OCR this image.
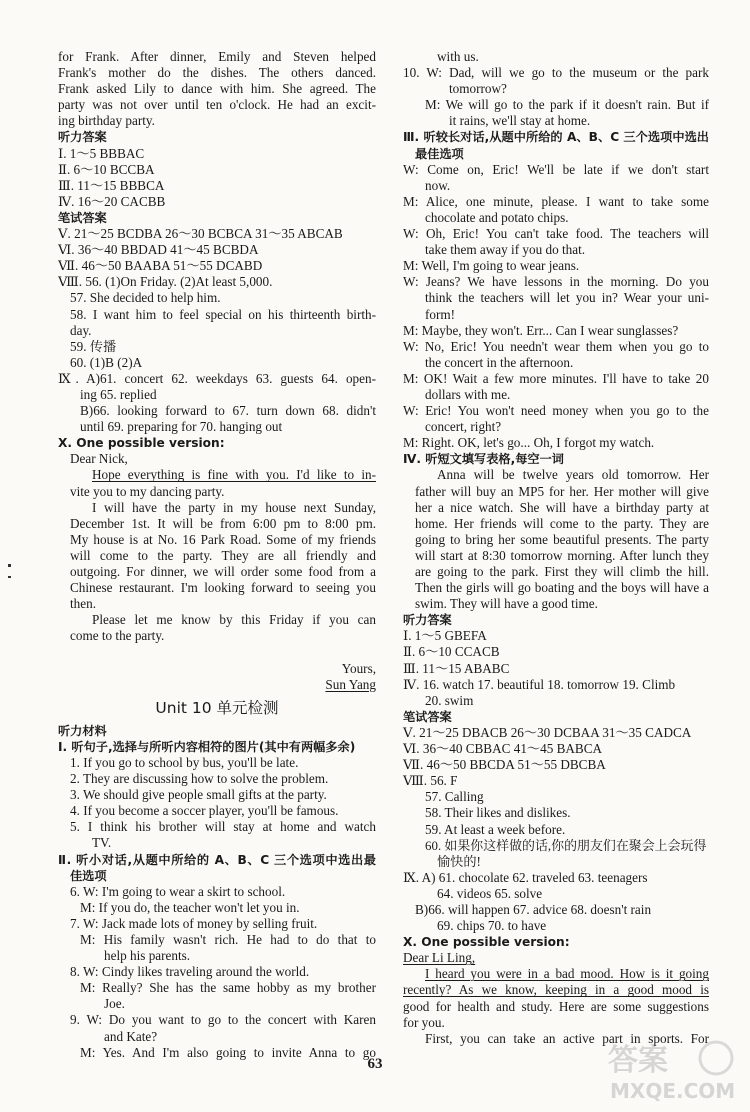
for Frank. After dinner, Emily and Steven helped
Frank's mother do the dishes. The others danced.
Frank asked Lily to dance with him. She agreed. The
party was not over until ten o'clock. He had an excit-
ing birthday party.
听力答案
Ⅰ. 1～5 BBBAC
Ⅱ. 6～10 BCCBA
Ⅲ. 11～15 BBBCA
Ⅳ. 16～20 CACBB
笔试答案
Ⅴ. 21～25 BCDBA 26～30 BCBCA 31～35 ABCAB
Ⅵ. 36～40 BBDAD 41～45 BCBDA
Ⅶ. 46～50 BAABA 51～55 DCABD
Ⅷ. 56. (1)On Friday. (2)At least 5,000.
57. She decided to help him.
58. I want him to feel special on his thirteenth birth-
day.
59. 传播
60. (1)B (2)A
Ⅸ. A)61. concert 62. weekdays 63. guests 64. open-
ing 65. replied
B)66. looking forward to 67. turn down 68. didn't
until 69. preparing for 70. hanging out
Ⅹ. One possible version:
Dear Nick,
Hope everything is fine with you. I'd like to in-
vite you to my dancing party.
I will have the party in my house next Sunday,
December 1st. It will be from 6:00 pm to 8:00 pm.
My house is at No. 16 Park Road. Some of my friends
will come to the party. They are all friendly and
outgoing. For dinner, we will order some food from a
Chinese restaurant. I'm looking forward to seeing you
then.
Please let me know by this Friday if you can
come to the party.
Yours,
Sun Yang
Unit 10 单元检测
听力材料
Ⅰ. 听句子,选择与所听内容相符的图片(其中有两幅多余)
1. If you go to school by bus, you'll be late.
2. They are discussing how to solve the problem.
3. We should give people small gifts at the party.
4. If you become a soccer player, you'll be famous.
5. I think his brother will stay at home and watch
TV.
Ⅱ. 听小对话,从题中所给的 A、B、C 三个选项中选出最
佳选项
6. W: I'm going to wear a skirt to school.
M: If you do, the teacher won't let you in.
7. W: Jack made lots of money by selling fruit.
M: His family wasn't rich. He had to do that to
help his parents.
8. W: Cindy likes traveling around the world.
M: Really? She has the same hobby as my brother
Joe.
9. W: Do you want to go to the concert with Karen
and Kate?
M: Yes. And I'm also going to invite Anna to go
with us.
10. W: Dad, will we go to the museum or the park
tomorrow?
M: We will go to the park if it doesn't rain. But if
it rains, we'll stay at home.
Ⅲ. 听较长对话,从题中所给的 A、B、C 三个选项中选出
最佳选项
W: Come on, Eric! We'll be late if we don't start
now.
M: Alice, one minute, please. I want to take some
chocolate and potato chips.
W: Oh, Eric! You can't take food. The teachers will
take them away if you do that.
M: Well, I'm going to wear jeans.
W: Jeans? We have lessons in the morning. Do you
think the teachers will let you in? Wear your uni-
form!
M: Maybe, they won't. Err... Can I wear sunglasses?
W: No, Eric! You needn't wear them when you go to
the concert in the afternoon.
M: OK! Wait a few more minutes. I'll have to take 20
dollars with me.
W: Eric! You won't need money when you go to the
concert, right?
M: Right. OK, let's go... Oh, I forgot my watch.
Ⅳ. 听短文填写表格,每空一词
Anna will be twelve years old tomorrow. Her
father will buy an MP5 for her. Her mother will give
her a nice watch. She will have a birthday party at
home. Her friends will come to the party. They are
going to bring her some beautiful presents. The party
will start at 8:30 tomorrow morning. After lunch they
are going to the park. First they will climb the hill.
Then the girls will go boating and the boys will have a
swim. They will have a good time.
听力答案
Ⅰ. 1～5 GBEFA
Ⅱ. 6～10 CCACB
Ⅲ. 11～15 ABABC
Ⅳ. 16. watch 17. beautiful 18. tomorrow 19. Climb
20. swim
笔试答案
Ⅴ. 21～25 DBACB 26～30 DCBAA 31～35 CADCA
Ⅵ. 36～40 CBBAC 41～45 BABCA
Ⅶ. 46～50 BBCDA 51～55 DBCBA
Ⅷ. 56. F
57. Calling
58. Their likes and dislikes.
59. At least a week before.
60. 如果你这样做的话,你的朋友们在聚会上会玩得
愉快的!
Ⅸ. A) 61. chocolate 62. traveled 63. teenagers
64. videos 65. solve
B)66. will happen 67. advice 68. doesn't rain
69. chips 70. to have
Ⅹ. One possible version:
Dear Li Ling,
I heard you were in a bad mood. How is it going
recently? As we know, keeping in a good mood is
good for health and study. Here are some suggestions
for you.
First, you can take an active part in sports. For
63	答案
MXQE.COM
